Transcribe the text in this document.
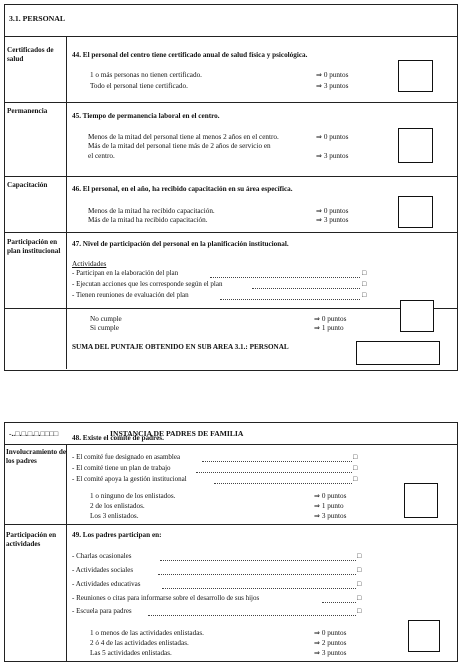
3.1. PERSONAL
Certificados de salud	44. El personal del centro tiene certificado anual de salud física y psicológica.
1 o más personas no tienen certificado.	⇒ 0 puntos
Todo el personal tiene certificado.	⇒ 3 puntos
Permanencia
45. Tiempo de permanencia laboral en el centro.
Menos de la mitad del personal tiene al menos 2 años en el centro.	⇒ 0 puntos
Más de la mitad del personal tiene más de 2 años de servicio en
el centro.	⇒ 3 puntos
Capacitación	46. El personal, en el año, ha recibido capacitación en su área específica.
Menos de la mitad ha recibido capacitación.	⇒ 0 puntos
Más de la mitad ha recibido capacitación.	⇒ 3 puntos
Participación en plan institucional
47. Nivel de participación del personal en la planificación institucional.
Actividades
- Participan en la elaboración del plan	□
- Ejecutan acciones que les corresponde según el plan	□
- Tienen reuniones de evaluación del plan	□
No cumple	⇒ 0 puntos
Si cumple	⇒ 1 punto
SUMA DEL PUNTAJE OBTENIDO EN SUB AREA 3.1.: PERSONAL
-..□.□.□.□.□□□□	INSTANCIA DE PADRES DE FAMILIA
Involucramiento de los padres
48. Existe el comité de padres.
- El comité fue designado en asamblea	□
- El comité tiene un plan de trabajo	□
- El comité apoya la gestión institucional	□
1 o ninguno de los enlistados.	⇒ 0 puntos
2 de los enlistados.	⇒ 1 punto
Los 3 enlistados.	⇒ 3 puntos
Participación en actividades
49. Los padres participan en:
- Charlas ocasionales	□
- Actividades sociales	□
- Actividades educativas	□
- Reuniones o citas para informarse sobre el desarrollo de sus hijos	□
- Escuela para padres	□
1 o menos de las actividades enlistadas.	⇒ 0 puntos
2 ó 4 de las actividades enlistadas.	⇒ 2 puntos
Las 5 actividades enlistadas.	⇒ 3 puntos
